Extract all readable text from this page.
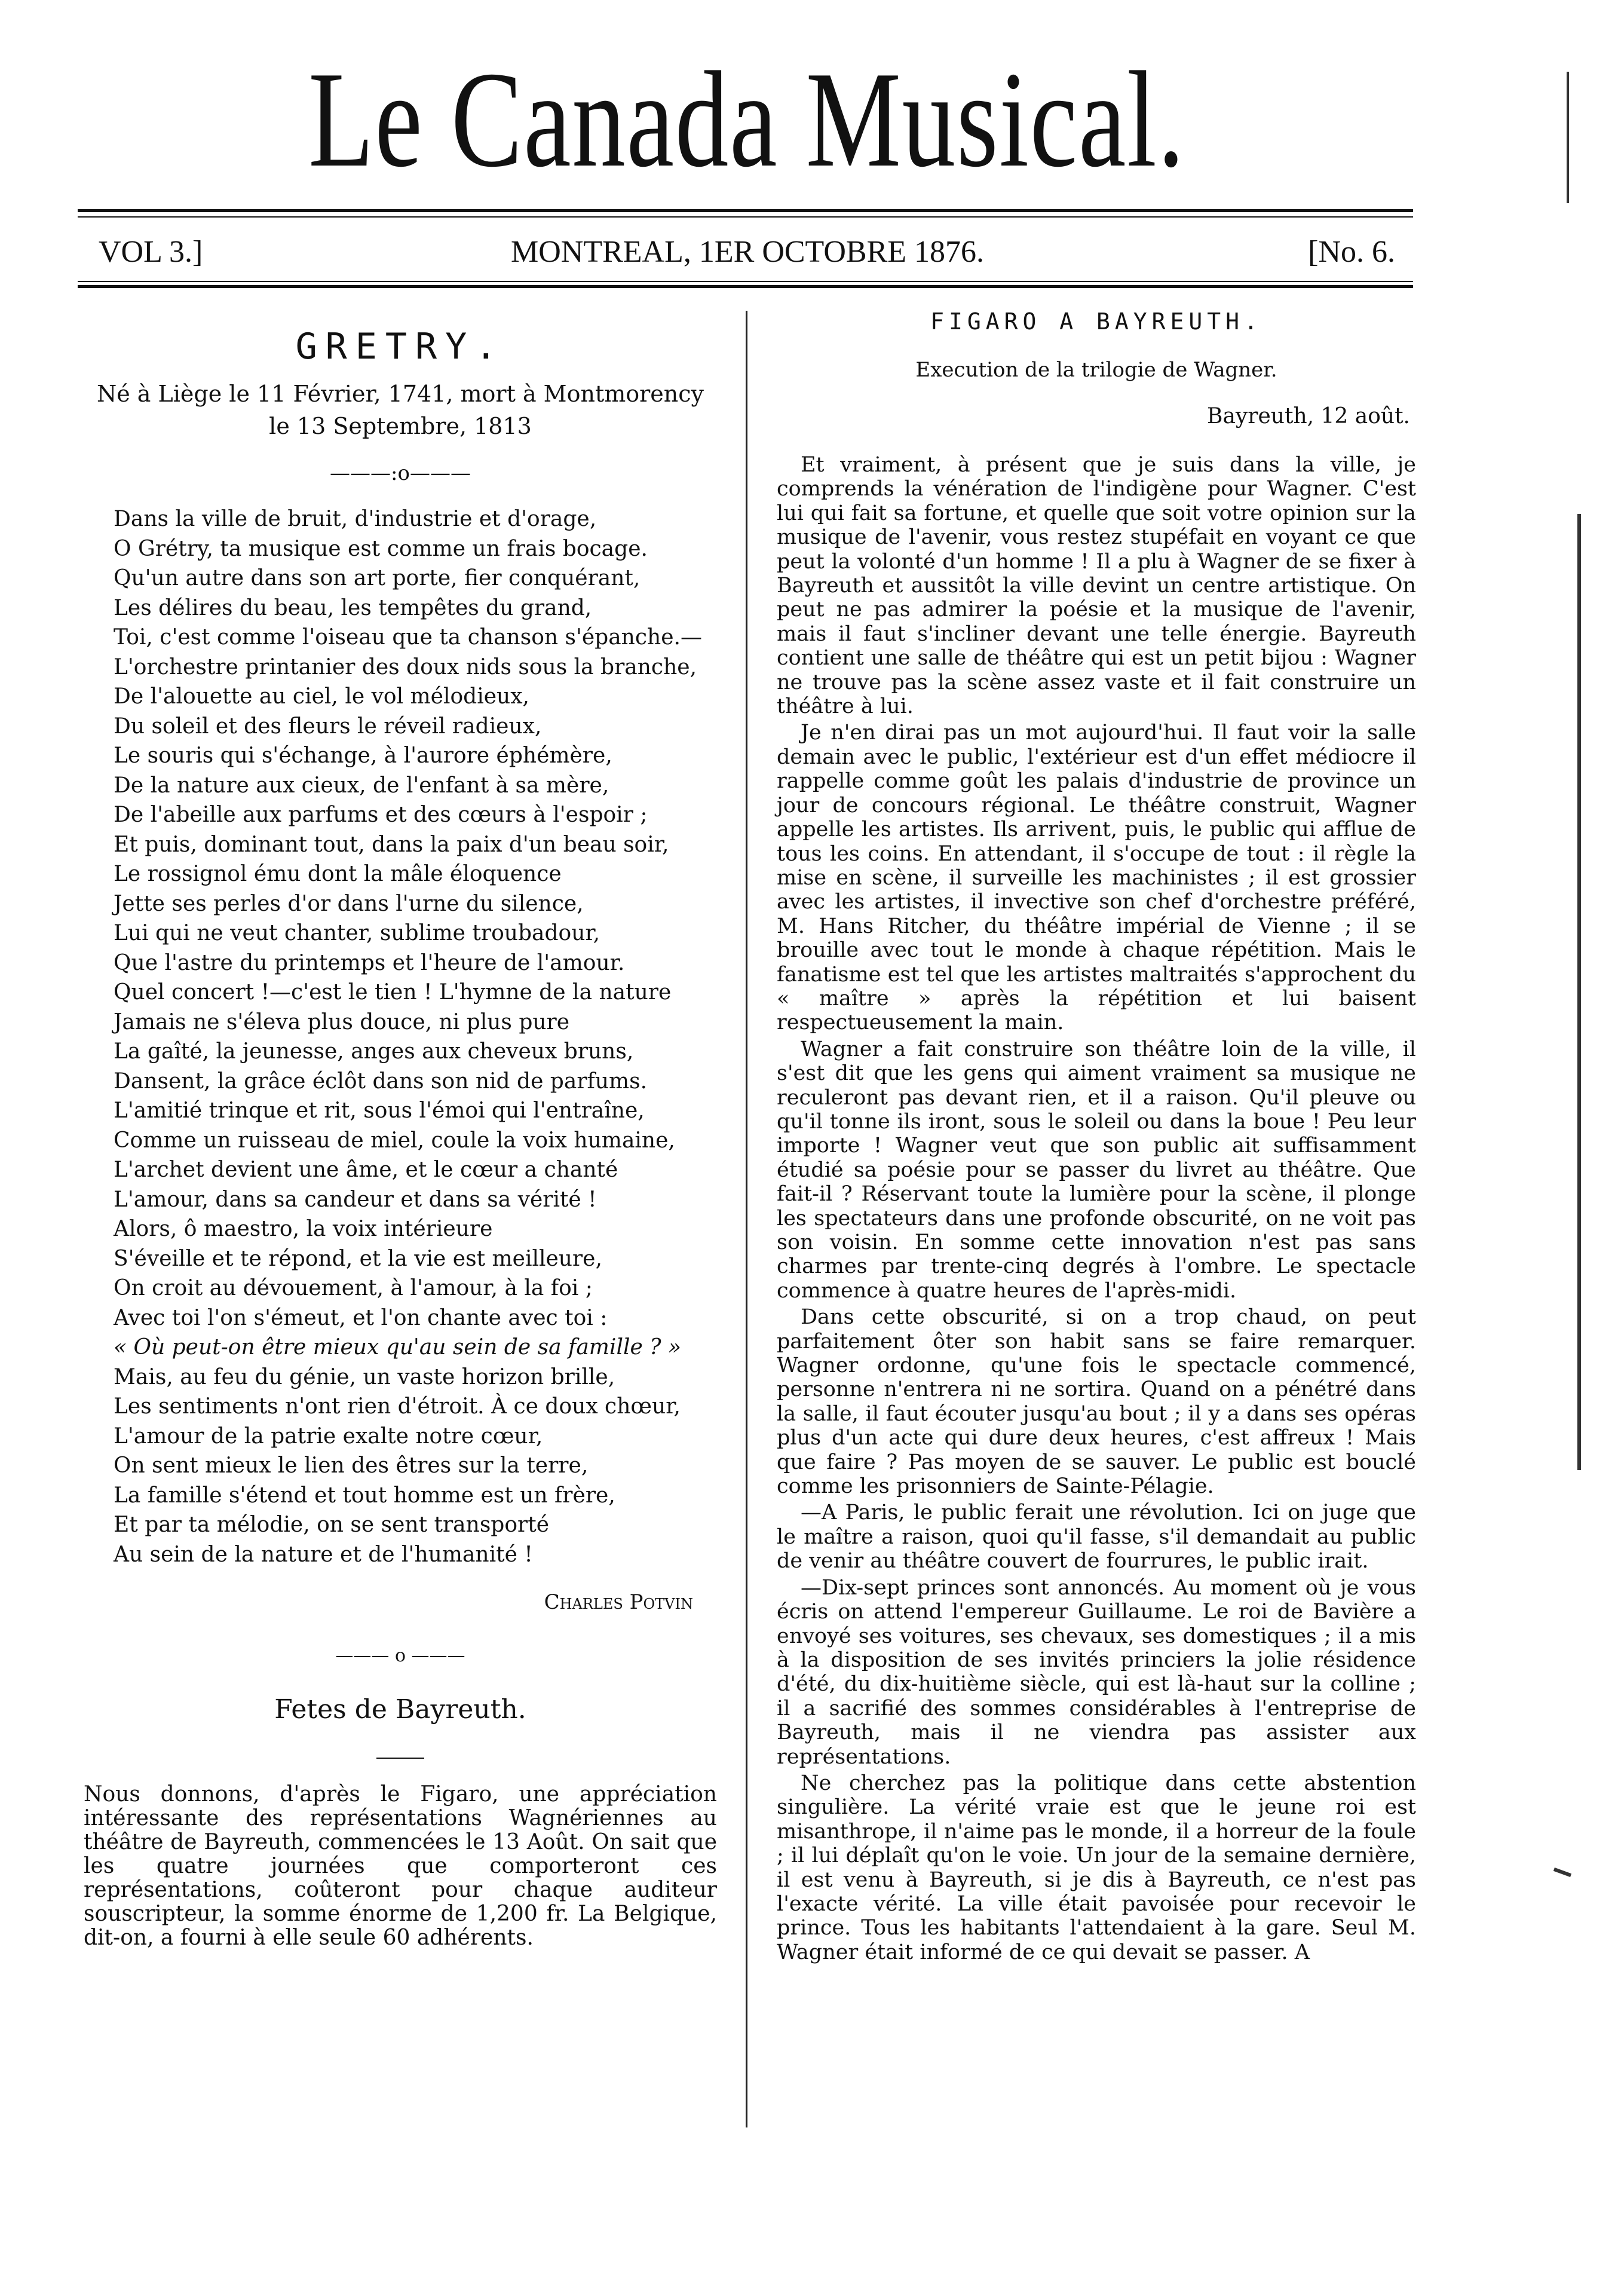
Le Canada Musical.
VOL 3.]	MONTREAL, 1ER OCTOBRE 1876.	[No. 6.
GRETRY.
Né à Liège le 11 Février, 1741, mort à Montmorency le 13 Septembre, 1813
———:o———
Dans la ville de bruit, d'industrie et d'orage,
O Grétry, ta musique est comme un frais bocage.
Qu'un autre dans son art porte, fier conquérant,
Les délires du beau, les tempêtes du grand,
Toi, c'est comme l'oiseau que ta chanson s'épanche.—
L'orchestre printanier des doux nids sous la branche,
De l'alouette au ciel, le vol mélodieux,
Du soleil et des fleurs le réveil radieux,
Le souris qui s'échange, à l'aurore éphémère,
De la nature aux cieux, de l'enfant à sa mère,
De l'abeille aux parfums et des cœurs à l'espoir ;
Et puis, dominant tout, dans la paix d'un beau soir,
Le rossignol ému dont la mâle éloquence
Jette ses perles d'or dans l'urne du silence,
Lui qui ne veut chanter, sublime troubadour,
Que l'astre du printemps et l'heure de l'amour.
Quel concert !—c'est le tien ! L'hymne de la nature
Jamais ne s'éleva plus douce, ni plus pure
La gaîté, la jeunesse, anges aux cheveux bruns,
Dansent, la grâce éclôt dans son nid de parfums.
L'amitié trinque et rit, sous l'émoi qui l'entraîne,
Comme un ruisseau de miel, coule la voix humaine,
L'archet devient une âme, et le cœur a chanté
L'amour, dans sa candeur et dans sa vérité !
Alors, ô maestro, la voix intérieure
S'éveille et te répond, et la vie est meilleure,
On croit au dévouement, à l'amour, à la foi ;
Avec toi l'on s'émeut, et l'on chante avec toi :
« Où peut-on être mieux qu'au sein de sa famille ? »
Mais, au feu du génie, un vaste horizon brille,
Les sentiments n'ont rien d'étroit. À ce doux chœur,
L'amour de la patrie exalte notre cœur,
On sent mieux le lien des êtres sur la terre,
La famille s'étend et tout homme est un frère,
Et par ta mélodie, on se sent transporté
Au sein de la nature et de l'humanité !
Charles Potvin
——— o ———
Fetes de Bayreuth.

Nous donnons, d'après le Figaro, une appréciation intéressante des représentations Wagnériennes au théâtre de Bayreuth, commencées le 13 Août. On sait que les quatre journées que comporteront ces représentations, coûteront pour chaque auditeur souscripteur, la somme énorme de 1,200 fr. La Belgique, dit-on, a fourni à elle seule 60 adhérents.

FIGARO A BAYREUTH.
Execution de la trilogie de Wagner.
Bayreuth, 12 août.

Et vraiment, à présent que je suis dans la ville, je comprends la vénération de l'indigène pour Wagner. C'est lui qui fait sa fortune, et quelle que soit votre opinion sur la musique de l'avenir, vous restez stupéfait en voyant ce que peut la volonté d'un homme ! Il a plu à Wagner de se fixer à Bayreuth et aussitôt la ville devint un centre artistique. On peut ne pas admirer la poésie et la musique de l'avenir, mais il faut s'incliner devant une telle énergie. Bayreuth contient une salle de théâtre qui est un petit bijou : Wagner ne trouve pas la scène assez vaste et il fait construire un théâtre à lui.

Je n'en dirai pas un mot aujourd'hui. Il faut voir la salle demain avec le public, l'extérieur est d'un effet médiocre il rappelle comme goût les palais d'industrie de province un jour de concours régional. Le théâtre construit, Wagner appelle les artistes. Ils arrivent, puis, le public qui afflue de tous les coins. En attendant, il s'occupe de tout : il règle la mise en scène, il surveille les machinistes ; il est grossier avec les artistes, il invective son chef d'orchestre préféré, M. Hans Ritcher, du théâtre impérial de Vienne ; il se brouille avec tout le monde à chaque répétition. Mais le fanatisme est tel que les artistes maltraités s'approchent du « maître » après la répétition et lui baisent respectueusement la main.

Wagner a fait construire son théâtre loin de la ville, il s'est dit que les gens qui aiment vraiment sa musique ne reculeront pas devant rien, et il a raison. Qu'il pleuve ou qu'il tonne ils iront, sous le soleil ou dans la boue ! Peu leur importe ! Wagner veut que son public ait suffisamment étudié sa poésie pour se passer du livret au théâtre. Que fait-il ? Réservant toute la lumière pour la scène, il plonge les spectateurs dans une profonde obscurité, on ne voit pas son voisin. En somme cette innovation n'est pas sans charmes par trente-cinq degrés à l'ombre. Le spectacle commence à quatre heures de l'après-midi.

Dans cette obscurité, si on a trop chaud, on peut parfaitement ôter son habit sans se faire remarquer. Wagner ordonne, qu'une fois le spectacle commencé, personne n'entrera ni ne sortira. Quand on a pénétré dans la salle, il faut écouter jusqu'au bout ; il y a dans ses opéras plus d'un acte qui dure deux heures, c'est affreux ! Mais que faire ? Pas moyen de se sauver. Le public est bouclé comme les prisonniers de Sainte-Pélagie.

—A Paris, le public ferait une révolution. Ici on juge que le maître a raison, quoi qu'il fasse, s'il demandait au public de venir au théâtre couvert de fourrures, le public irait.

—Dix-sept princes sont annoncés. Au moment où je vous écris on attend l'empereur Guillaume. Le roi de Bavière a envoyé ses voitures, ses chevaux, ses domestiques ; il a mis à la disposition de ses invités princiers la jolie résidence d'été, du dix-huitième siècle, qui est là-haut sur la colline ; il a sacrifié des sommes considérables à l'entreprise de Bayreuth, mais il ne viendra pas assister aux représentations.

Ne cherchez pas la politique dans cette abstention singulière. La vérité vraie est que le jeune roi est misanthrope, il n'aime pas le monde, il a horreur de la foule ; il lui déplaît qu'on le voie. Un jour de la semaine dernière, il est venu à Bayreuth, si je dis à Bayreuth, ce n'est pas l'exacte vérité. La ville était pavoisée pour recevoir le prince. Tous les habitants l'attendaient à la gare. Seul M. Wagner était informé de ce qui devait se passer. A
